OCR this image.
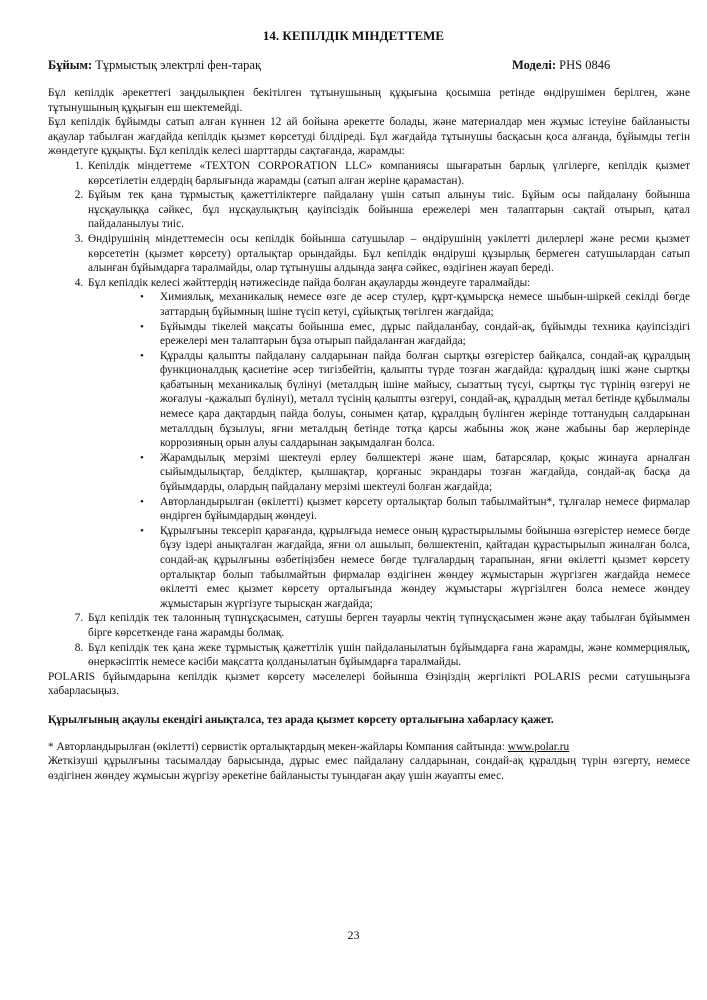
14. КЕПІЛДІК МІНДЕТТЕМЕ
Бұйым: Тұрмыстық электрлі фен-тарақ	Моделі: PHS 0846

Бұл кепілдік әрекеттегі заңдылықпен бекітілген тұтынушының құқығына қосымша ретінде өндірушімен берілген, және тұтынушының құқығын еш шектемейді.

Бұл кепілдік бұйымды сатып алған күннен 12 ай бойына әрекетте болады, және материалдар мен жұмыс істеуіне байланысты ақаулар табылған жағдайда кепілдік қызмет көрсетуді білдіреді. Бұл жағдайда тұтынушы басқасын қоса алғанда, бұйымды тегін жөндетуге құқықты. Бұл кепілдік келесі шарттарды сақтағанда, жарамды:

1. Кепілдік міндеттеме «TEXTON CORPORATION LLC» компаниясы шығаратын барлық үлгілерге, кепілдік қызмет көрсетілетін елдердің барлығында жарамды (сатып алған жеріне қарамастан).
2. Бұйым тек қана тұрмыстық қажеттіліктерге пайдалану үшін сатып алынуы тиіс. Бұйым осы пайдалану бойынша нұсқаулыққа сәйкес, бұл нұсқаулықтың қауіпсіздік бойынша ережелері мен талаптарын сақтай отырып, қатал пайдаланылуы тиіс.
3. Өндірушінің міндеттемесін осы кепілдік бойынша сатушылар – өндірушінің уәкілетті дилерлері және ресми қызмет көрсететін (қызмет көрсету) орталықтар орындайды. Бұл кепілдік өндіруші құзырлық бермеген сатушылардан сатып алынған бұйымдарға таралмайды, олар тұтынушы алдында заңға сәйкес, өздігінен жауап береді.
4. Бұл кепілдік келесі жәйттердің нәтижесінде пайда болған ақауларды жөндеуге таралмайды:
• Химиялық, механикалық немесе өзге де әсер стулер, құрт-құмырсқа немесе шыбын-шіркей секілді бөгде заттардың бұйымның ішіне түсіп кетуі, сұйықтық төгілген жағдайда;
• Бұйымды тікелей мақсаты бойынша емес, дұрыс пайдаланбау, сондай-ақ, бұйымды техника қауіпсіздігі ережелері мен талаптарын бұза отырып пайдаланған жағдайда;
• Құралды қалыпты пайдалану салдарынан пайда болған сыртқы өзгерістер байқалса, сондай-ақ құралдың функционалдық қасиетіне әсер тигізбейтін, қалыпты түрде тозған жағдайда: құралдың ішкі және сыртқы қабатының механикалық бүлінуі (металдың ішіне майысу, сызаттың түсуі, сыртқы түс түрінің өзгеруі не жоғалуы -қажалып бүлінуі), металл түсінің қалыпты өзгеруі, сондай-ақ, құралдың метал бетінде құбылмалы немесе қара дақтардың пайда болуы, сонымен қатар, құралдың бүлінген жерінде тоттанудың салдарынан металлдың бұзылуы, яғни металдың бетінде тотқа қарсы жабыны жоқ және жабыны бар жерлерінде коррозияның орын алуы салдарынан зақымдалған болса.
• Жарамдылық мерзімі шектеулі ерлеу бөлшектері және шам, батарсялар, қоқыс жинауға арналған сыйымдылықтар, белдіктер, қылшақтар, қорғаныс экрандары тозған жағдайда, сондай-ақ басқа да бұйымдарды, олардың пайдалану мерзімі шектеулі болған жағдайда;
• Авторландырылған (өкілетті) қызмет көрсету орталықтар болып табылмайтын*, тұлғалар немесе фирмалар өндірген бұйымдардың жөндеуі.
• Құрылғыны тексеріп қарағанда, құрылғыда немесе оның құрастырылымы бойынша өзгерістер немесе бөгде бұзу іздері анықталған жағдайда, яғни ол ашылып, бөлшектеніп, қайтадан құрастырылып жиналған болса, сондай-ақ құрылғыны өзбетіңізбен немесе бөгде тұлғалардың тарапынан, яғни өкілетті қызмет көрсету орталықтар болып табылмайтын фирмалар өздігінен жөндеу жұмыстарын жүргізген жағдайда немесе өкілетті емес қызмет көрсету орталығында жөндеу жұмыстары жүргізілген болса немесе жөндеу жұмыстарын жүргізуге тырысқан жағдайда;
7. Бұл кепілдік тек талонның түпнұсқасымен, сатушы берген тауарлы чектің түпнұсқасымен және ақау табылған бұйыммен бірге көрсеткенде ғана жарамды болмақ.
8. Бұл кепілдік тек қана жеке тұрмыстық қажеттілік үшін пайдаланылатын бұйымдарға ғана жарамды, және коммерциялық, өнеркәсіптік немесе кәсіби мақсатта қолданылатын бұйымдарға таралмайды.

POLARIS бұйымдарына кепілдік қызмет көрсету мәселелері бойынша Өзіңіздің жергілікті POLARIS ресми сатушыңызға хабарласыңыз.

Құрылғының ақаулы екендігі анықталса, тез арада қызмет көрсету орталығына хабарласу қажет.

* Авторландырылған (өкілетті) сервистік орталықтардың мекен-жайлары Компания сайтында: www.polar.ru

Жеткізуші құрылғыны тасымалдау барысында, дұрыс емес пайдалану салдарынан, сондай-ақ құралдың түрін өзгерту, немесе өздігінен жөндеу жұмысын жүргізу әрекетіне байланысты туындаған ақау үшін жауапты емес.

23
